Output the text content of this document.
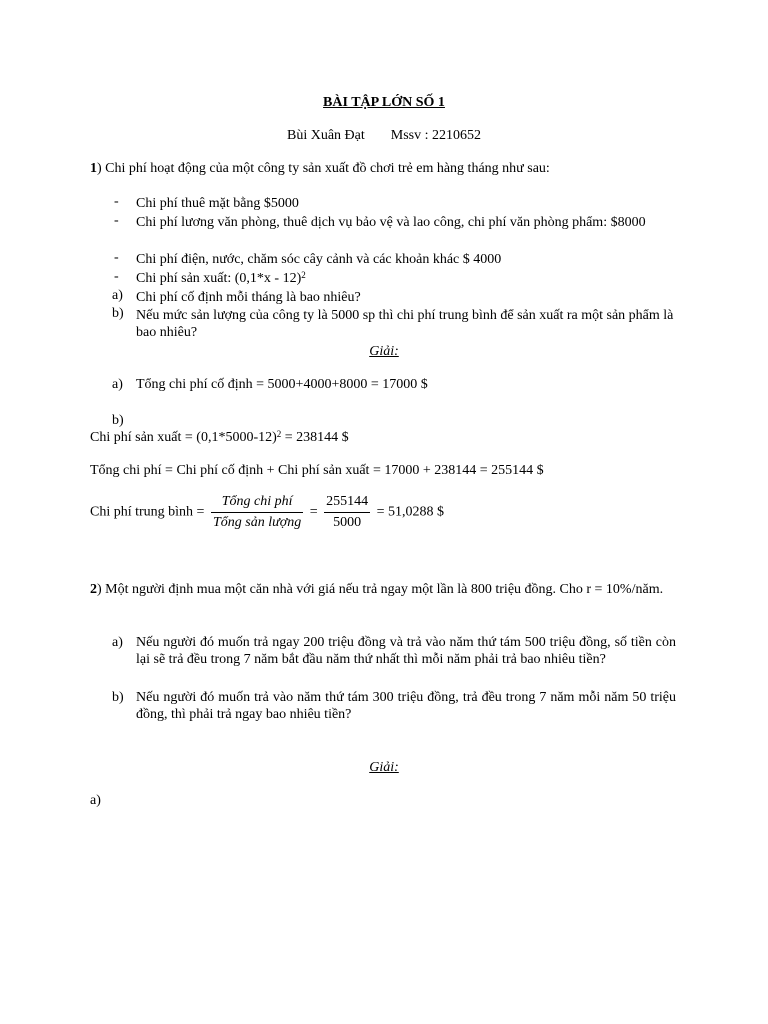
BÀI TẬP LỚN SỐ 1
Bùi Xuân Đạt Mssv : 2210652
1) Chi phí hoạt động của một công ty sản xuất đồ chơi trẻ em hàng tháng như sau:
-	Chi phí thuê mặt bằng $5000
-	Chi phí lương văn phòng, thuê dịch vụ bảo vệ và lao công, chi phí văn phòng phẩm: $8000
-	Chi phí điện, nước, chăm sóc cây cảnh và các khoản khác $ 4000
-	Chi phí sản xuất: (0,1*x - 12)$^2$
a) Chi phí cố định mỗi tháng là bao nhiêu?
b) Nếu mức sản lượng của công ty là 5000 sp thì chi phí trung bình để sản xuất ra một sản phẩm là bao nhiêu?
Giải:
a) Tổng chi phí cố định = 5000+4000+8000 = 17000 $
b)
Chi phí sản xuất = $(0,1*5000-12)^2 = 238144$ $
Tổng chi phí = Chi phí cố định + Chi phí sản xuất = 17000 + 238144 = 255144 $
Chi phí trung bình = $\frac{\text{Tổng chi phí}}{\text{Tổng sản lượng}} = \frac{255144}{5000} = 51,0288$ $
2) Một người định mua một căn nhà với giá nếu trả ngay một lần là 800 triệu đồng. Cho r = 10%/năm.
a) Nếu người đó muốn trả ngay 200 triệu đồng và trả vào năm thứ tám 500 triệu đồng, số tiền còn lại sẽ trả đều trong 7 năm bắt đầu năm thứ nhất thì mỗi năm phải trả bao nhiêu tiền?
b) Nếu người đó muốn trả vào năm thứ tám 300 triệu đồng, trả đều trong 7 năm mỗi năm 50 triệu đồng, thì phải trả ngay bao nhiêu tiền?
Giải:
a)
